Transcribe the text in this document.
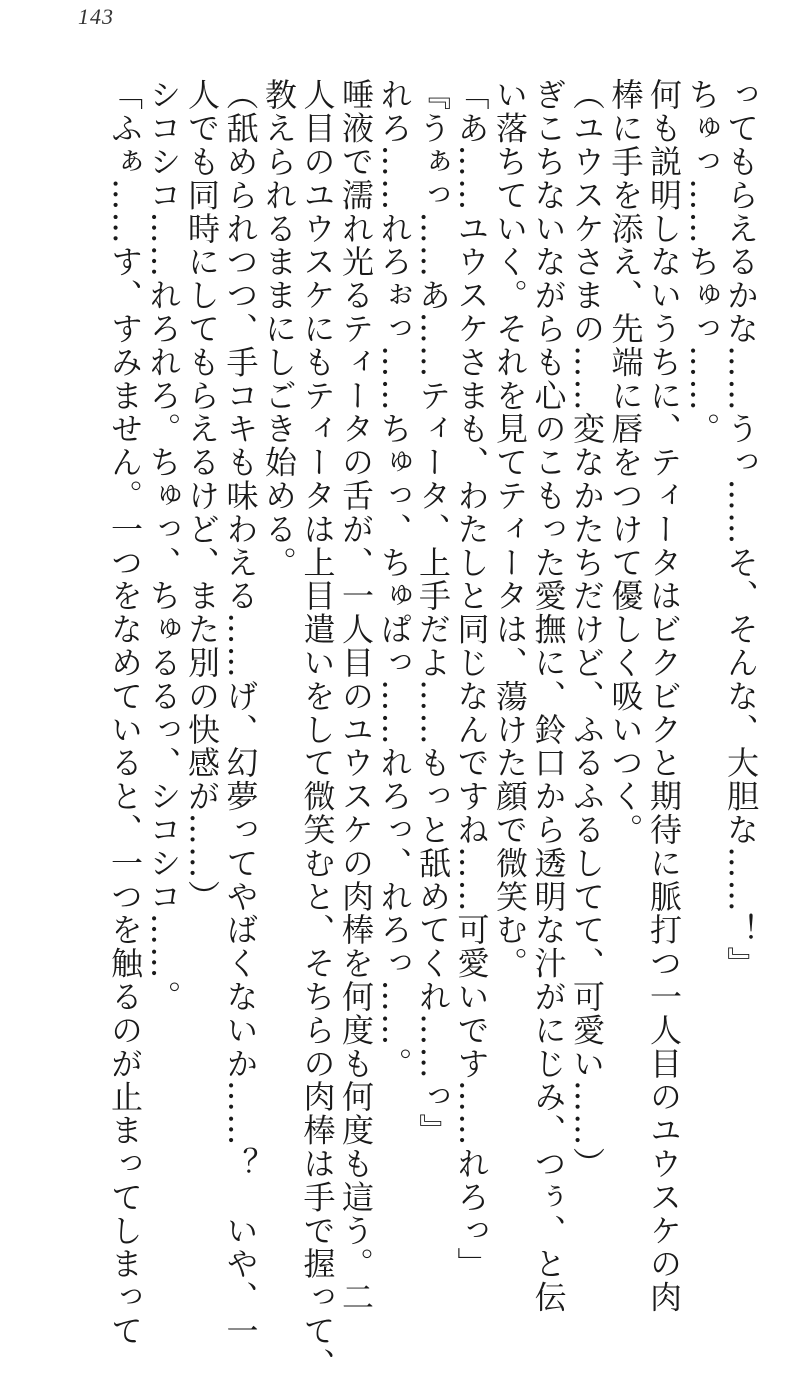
143
ってもらえるかな……うっ……そ、そんな、大胆な……！』
ちゅっ……ちゅっ……。
何も説明しないうちに、ティータはビクビクと期待に脈打つ一人目のユウスケの肉
棒に手を添え、先端に唇をつけて優しく吸いつく。
（ユウスケさまの……変なかたちだけど、ふるふるしてて、可愛い……）
ぎこちないながらも心のこもった愛撫に、鈴口から透明な汁がにじみ、つぅ、と伝
い落ちていく。それを見てティータは、蕩けた顔で微笑む。
「あ……ユウスケさまも、わたしと同じなんですね……可愛いです……れろっ」
『うぁっ……あ……ティータ、上手だよ……もっと舐めてくれ……っ』
れろ……れろぉっ……ちゅっ、ちゅぱっ……れろっ、れろっ……。
唾液で濡れ光るティータの舌が、一人目のユウスケの肉棒を何度も何度も這う。二
人目のユウスケにもティータは上目遣いをして微笑むと、そちらの肉棒は手で握って、
教えられるままにしごき始める。
（舐められつつ、手コキも味わえる……げ、幻夢ってやばくないか……？　いや、一
人でも同時にしてもらえるけど、また別の快感が……）
シコシコ……れろれろ。ちゅっ、ちゅるるっ、シコシコ……。
「ふぁ……す、すみません。一つをなめていると、一つを触るのが止まってしまって
